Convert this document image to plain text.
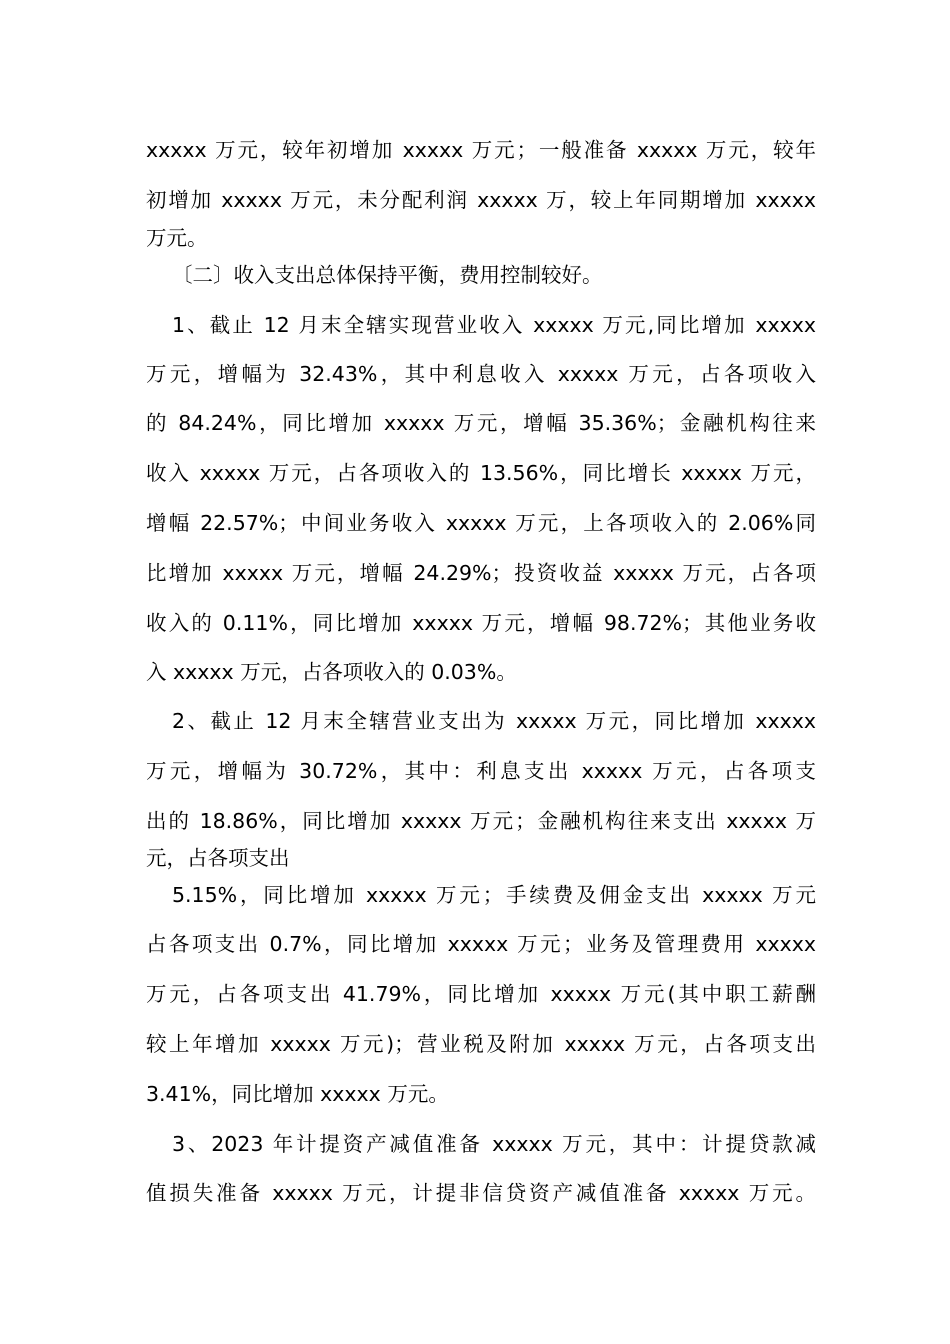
xxxxx 万元，较年初增加 xxxxx 万元；一般准备 xxxxx 万元，较年
初增加 xxxxx 万元，未分配利润 xxxxx 万，较上年同期增加 xxxxx
万元。
〔二〕收入支出总体保持平衡，费用控制较好。
1、截止 12 月末全辖实现营业收入 xxxxx 万元,同比增加 xxxxx
万元，增幅为 32.43%，其中利息收入 xxxxx 万元，占各项收入
的 84.24%，同比增加 xxxxx 万元，增幅 35.36%；金融机构往来
收入 xxxxx 万元，占各项收入的 13.56%，同比增长 xxxxx 万元，
增幅 22.57%；中间业务收入 xxxxx 万元，上各项收入的 2.06%同
比增加 xxxxx 万元，增幅 24.29%；投资收益 xxxxx 万元，占各项
收入的 0.11%，同比增加 xxxxx 万元，增幅 98.72%；其他业务收
入 xxxxx 万元，占各项收入的 0.03%。
2、截止 12 月末全辖营业支出为 xxxxx 万元，同比增加 xxxxx
万元，增幅为 30.72%，其中：利息支出 xxxxx 万元，占各项支
出的 18.86%，同比增加 xxxxx 万元；金融机构往来支出 xxxxx 万
元，占各项支出
5.15%，同比增加 xxxxx 万元；手续费及佣金支出 xxxxx 万元
占各项支出 0.7%，同比增加 xxxxx 万元；业务及管理费用 xxxxx
万元，占各项支出 41.79%，同比增加 xxxxx 万元(其中职工薪酬
较上年增加 xxxxx 万元)；营业税及附加 xxxxx 万元，占各项支出
3.41%，同比增加 xxxxx 万元。
3、2023 年计提资产减值准备 xxxxx 万元，其中：计提贷款减
值损失准备 xxxxx 万元，计提非信贷资产减值准备 xxxxx 万元。
